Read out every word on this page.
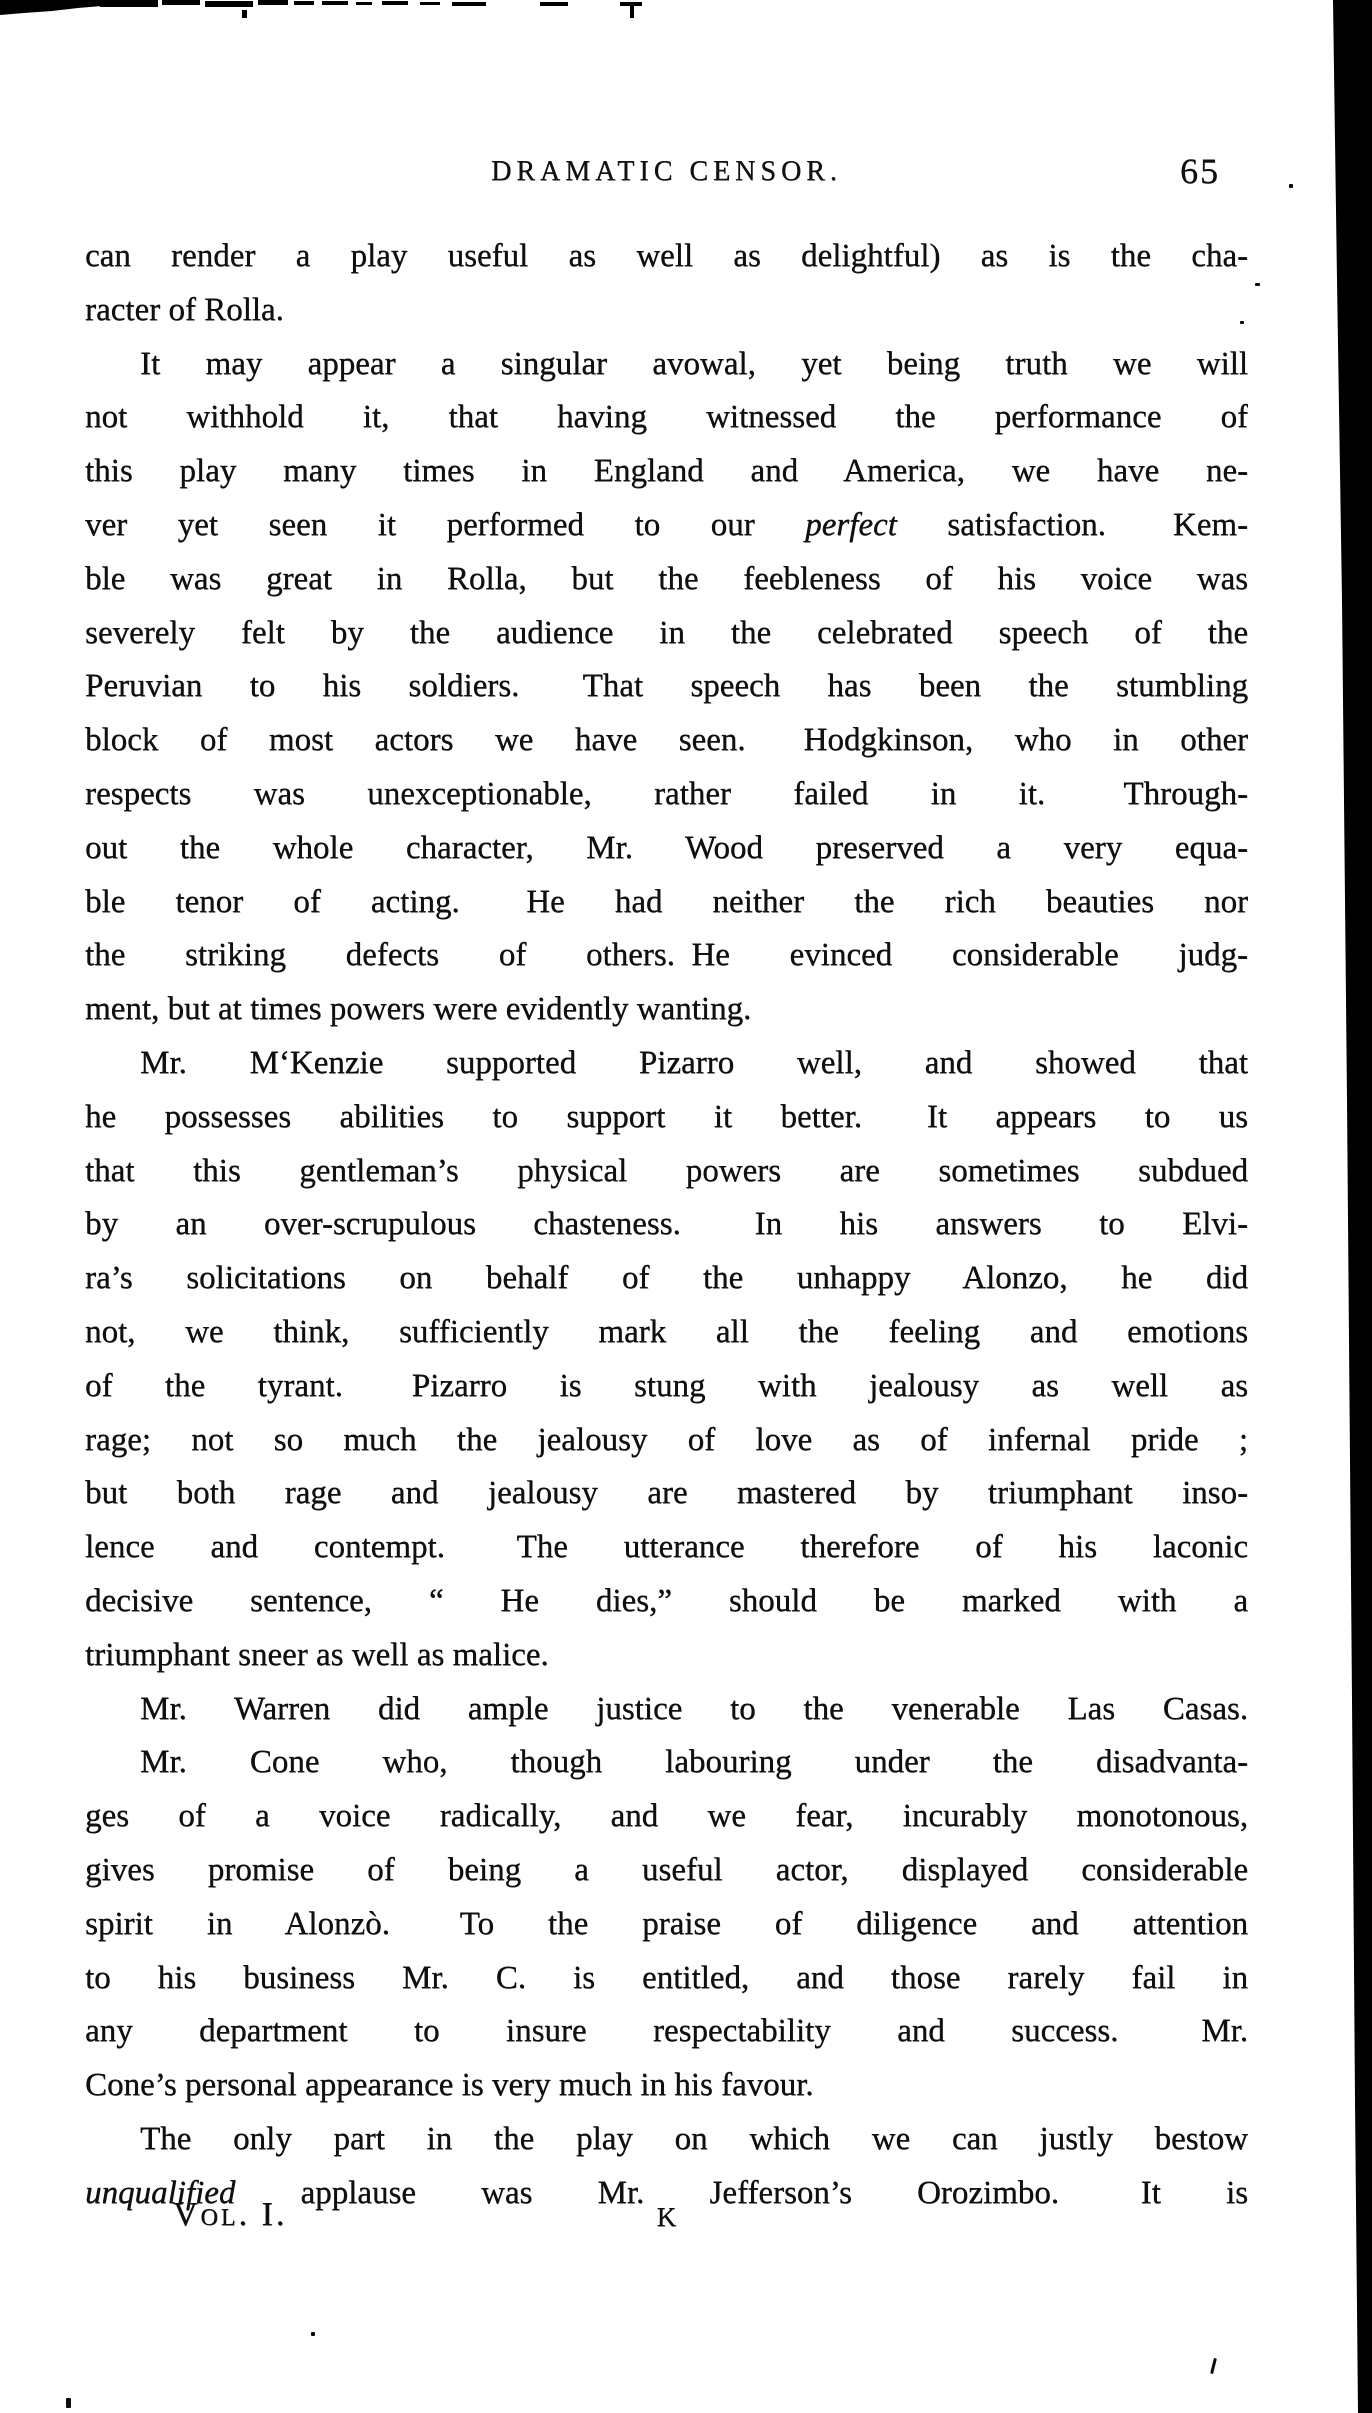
DRAMATIC CENSOR.	65
can render a play useful as well as delightful) as is the cha-
racter of Rolla.
It may appear a singular avowal, yet being truth we will
not withhold it, that having witnessed the performance of
this play many times in England and America, we have ne-
ver yet seen it performed to our perfect satisfaction.  Kem-
ble was great in Rolla, but the feebleness of his voice was
severely felt by the audience in the celebrated speech of the
Peruvian to his soldiers.  That speech has been the stumbling
block of most actors we have seen.  Hodgkinson, who in other
respects was unexceptionable, rather failed in it.  Through-
out the whole character, Mr. Wood preserved a very equa-
ble tenor of acting.  He had neither the rich beauties nor
the striking defects of others. He evinced considerable judg-
ment, but at times powers were evidently wanting.
Mr. M‘Kenzie supported Pizarro well, and showed that
he possesses abilities to support it better.  It appears to us
that this gentleman’s physical powers are sometimes subdued
by an over-scrupulous chasteness.  In his answers to Elvi-
ra’s solicitations on behalf of the unhappy Alonzo, he did
not, we think, sufficiently mark all the feeling and emotions
of the tyrant.  Pizarro is stung with jealousy as well as
rage; not so much the jealousy of love as of infernal pride ;
but both rage and jealousy are mastered by triumphant inso-
lence and contempt.  The utterance therefore of his laconic
decisive sentence, “ He dies,” should be marked with a
triumphant sneer as well as malice.
Mr. Warren did ample justice to the venerable Las Casas.
Mr. Cone who, though labouring under the disadvanta-
ges of a voice radically, and we fear, incurably monotonous,
gives promise of being a useful actor, displayed considerable
spirit in Alonzò.  To the praise of diligence and attention
to his business Mr. C. is entitled, and those rarely fail in
any department to insure respectability and success.  Mr.
Cone’s personal appearance is very much in his favour.
The only part in the play on which we can justly bestow
unqualified applause was Mr. Jefferson’s Orozimbo.  It is
Vol. I.	K
